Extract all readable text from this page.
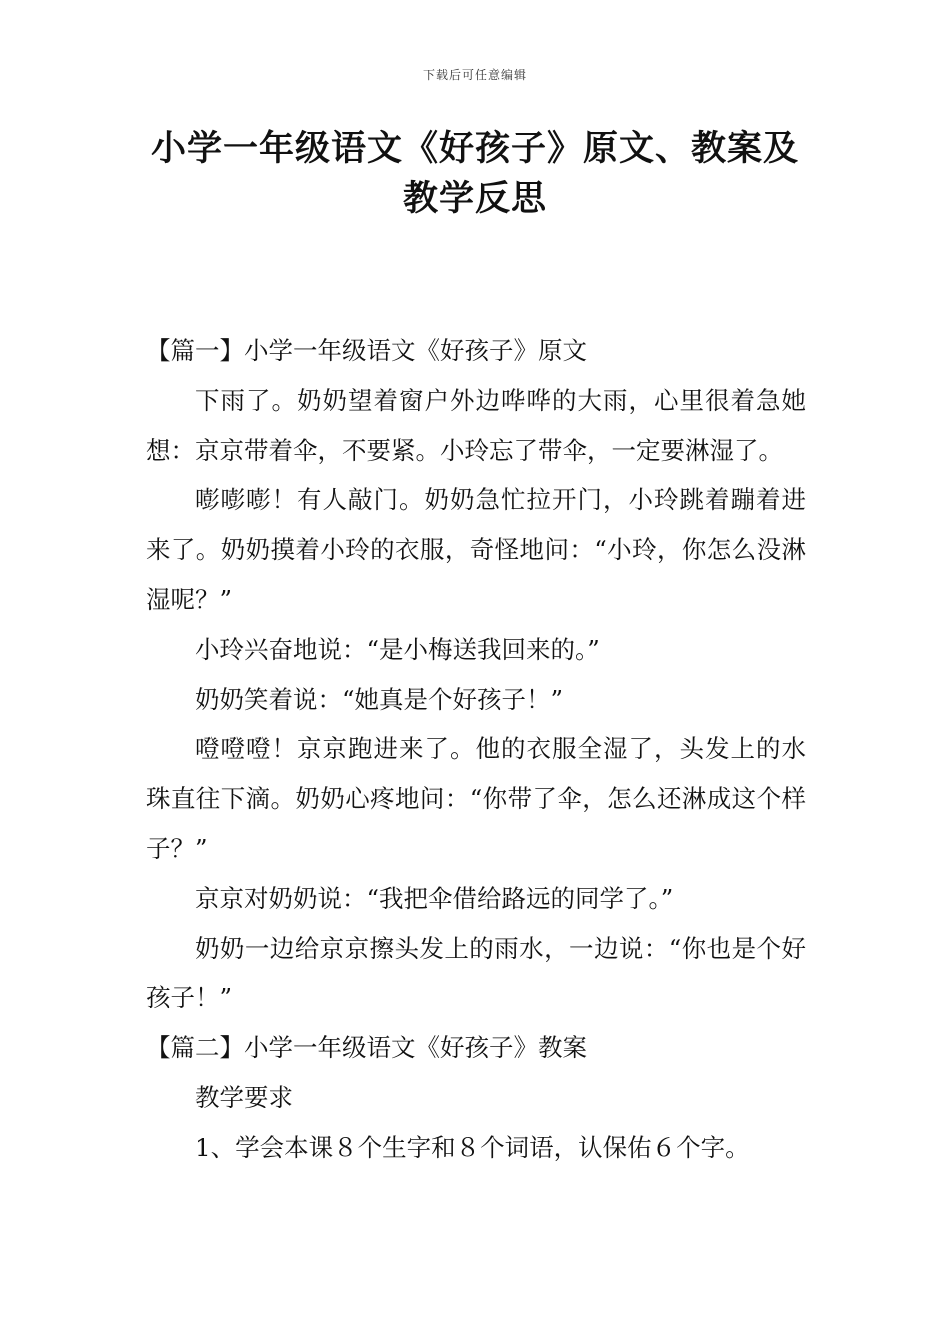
下载后可任意编辑
小学一年级语文《好孩子》原文、教案及
教学反思

【篇一】小学一年级语文《好孩子》原文

下雨了。奶奶望着窗户外边哗哗的大雨，心里很着急她想：京京带着伞，不要紧。小玲忘了带伞，一定要淋湿了。

嘭嘭嘭！有人敲门。奶奶急忙拉开门，小玲跳着蹦着进来了。奶奶摸着小玲的衣服，奇怪地问：“小玲，你怎么没淋湿呢？”

小玲兴奋地说：“是小梅送我回来的。”

奶奶笑着说：“她真是个好孩子！”

噔噔噔！京京跑进来了。他的衣服全湿了，头发上的水珠直往下滴。奶奶心疼地问：“你带了伞，怎么还淋成这个样子？”

京京对奶奶说：“我把伞借给路远的同学了。”

奶奶一边给京京擦头发上的雨水，一边说：“你也是个好孩子！”

【篇二】小学一年级语文《好孩子》教案

教学要求

1、学会本课８个生字和８个词语，认保佑６个字。
